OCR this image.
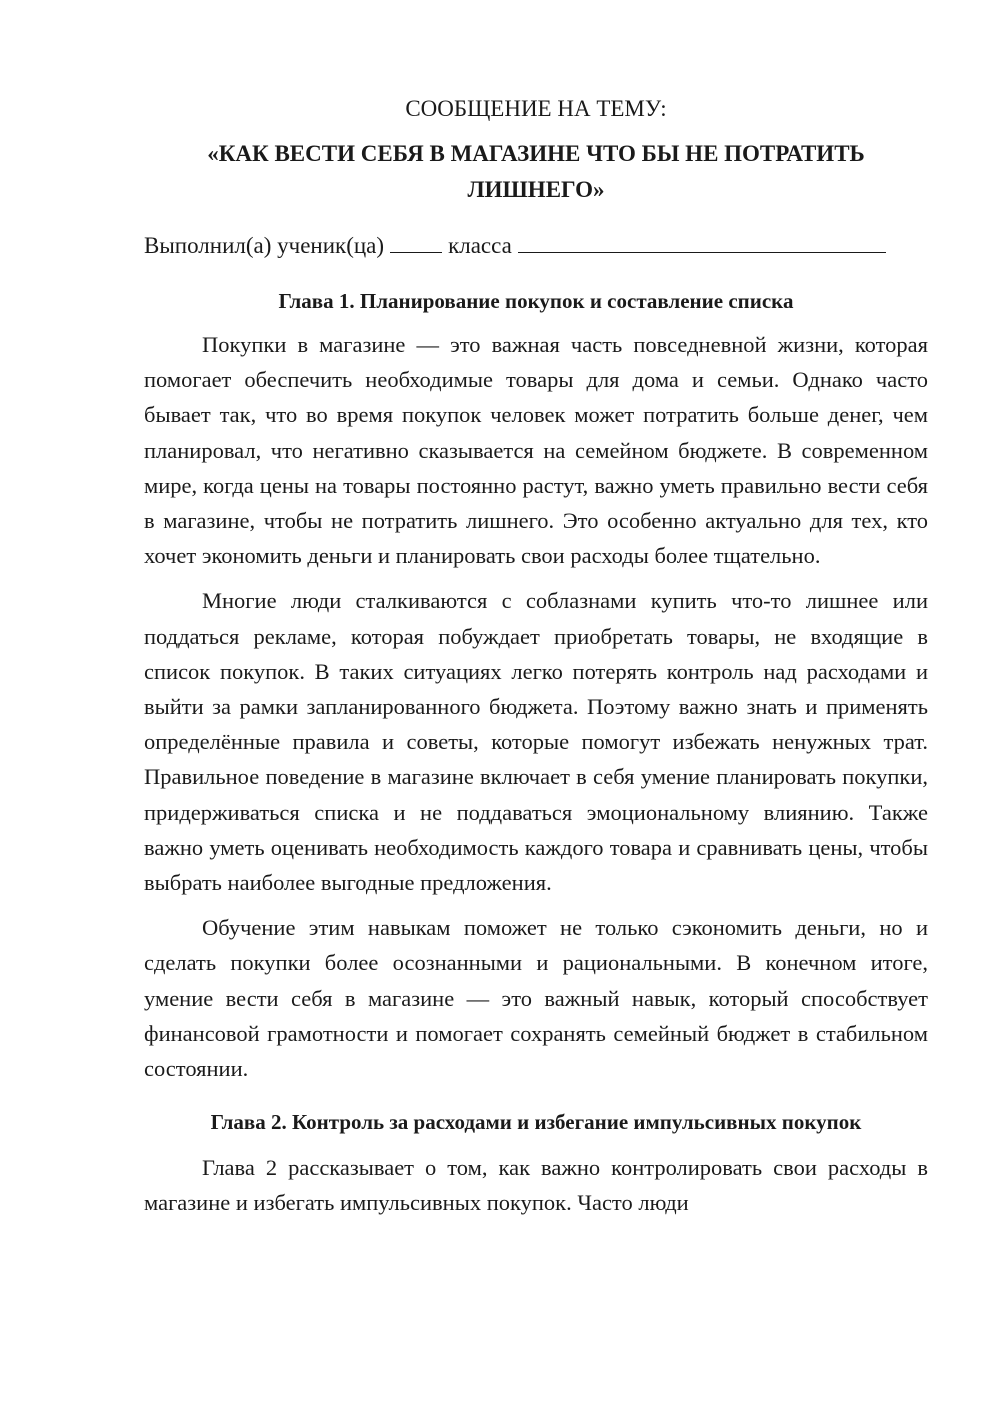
СООБЩЕНИЕ НА ТЕМУ:

«КАК ВЕСТИ СЕБЯ В МАГАЗИНЕ ЧТО БЫ НЕ ПОТРАТИТЬ ЛИШНЕГО»

Выполнил(а) ученик(ца)	класса

Глава 1. Планирование покупок и составление списка

Покупки в магазине — это важная часть повседневной жизни, которая помогает обеспечить необходимые товары для дома и семьи. Однако часто бывает так, что во время покупок человек может потратить больше денег, чем планировал, что негативно сказывается на семейном бюджете. В современном мире, когда цены на товары постоянно растут, важно уметь правильно вести себя в магазине, чтобы не потратить лишнего. Это особенно актуально для тех, кто хочет экономить деньги и планировать свои расходы более тщательно.

Многие люди сталкиваются с соблазнами купить что-то лишнее или поддаться рекламе, которая побуждает приобретать товары, не входящие в список покупок. В таких ситуациях легко потерять контроль над расходами и выйти за рамки запланированного бюджета. Поэтому важно знать и применять определённые правила и советы, которые помогут избежать ненужных трат. Правильное поведение в магазине включает в себя умение планировать покупки, придерживаться списка и не поддаваться эмоциональному влиянию. Также важно уметь оценивать необходимость каждого товара и сравнивать цены, чтобы выбрать наиболее выгодные предложения.

Обучение этим навыкам поможет не только сэкономить деньги, но и сделать покупки более осознанными и рациональными. В конечном итоге, умение вести себя в магазине — это важный навык, который способствует финансовой грамотности и помогает сохранять семейный бюджет в стабильном состоянии.

Глава 2. Контроль за расходами и избегание импульсивных покупок

Глава 2 рассказывает о том, как важно контролировать свои расходы в магазине и избегать импульсивных покупок. Часто люди
